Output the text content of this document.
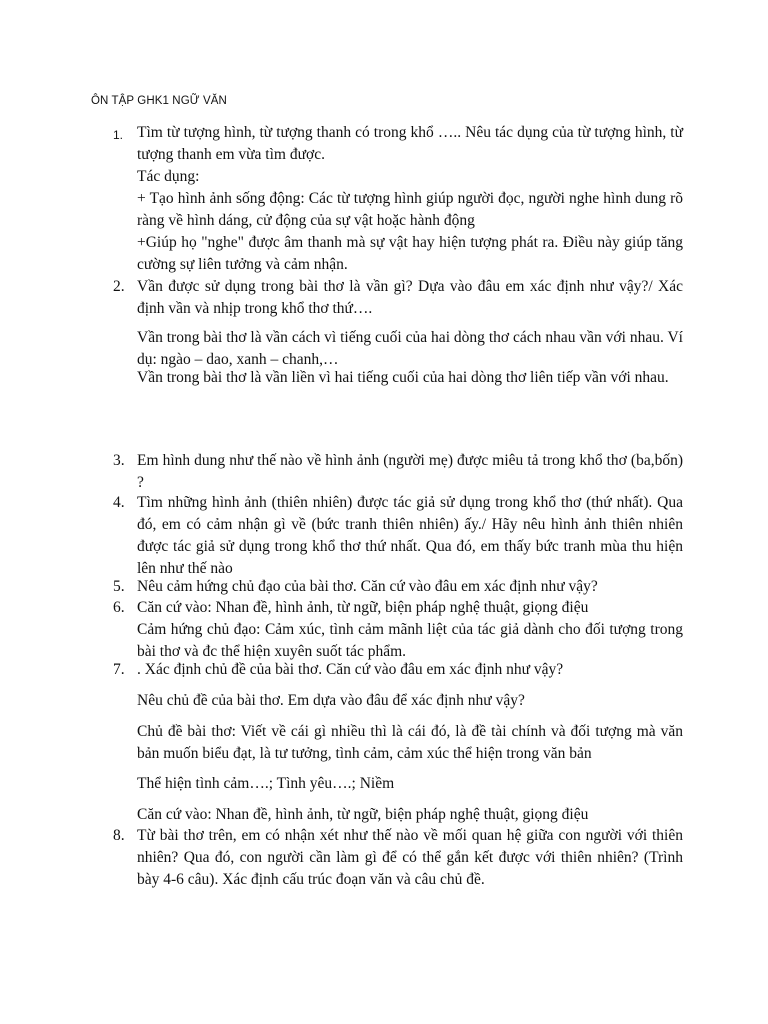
ÔN TẬP GHK1 NGỮ VĂN
1. Tìm từ tượng hình, từ tượng thanh có trong khổ ….. Nêu tác dụng của từ tượng hình, từ tượng thanh em vừa tìm được.
Tác dụng:
+ Tạo hình ảnh sống động: Các từ tượng hình giúp người đọc, người nghe hình dung rõ ràng về hình dáng, cử động của sự vật hoặc hành động
+Giúp họ "nghe" được âm thanh mà sự vật hay hiện tượng phát ra. Điều này giúp tăng cường sự liên tưởng và cảm nhận.
2. Vần được sử dụng trong bài thơ là vần gì? Dựa vào đâu em xác định như vậy?/ Xác định vần và nhịp trong khổ thơ thứ….
Vần trong bài thơ là vần cách vì tiếng cuối của hai dòng thơ cách nhau vần với nhau. Ví dụ: ngào – dao, xanh – chanh,…
Vần trong bài thơ là vần liền vì hai tiếng cuối của hai dòng thơ liên tiếp vần với nhau.
3. Em hình dung như thế nào về hình ảnh (người mẹ) được miêu tả trong khổ thơ (ba,bốn) ?
4. Tìm những hình ảnh (thiên nhiên) được tác giả sử dụng trong khổ thơ (thứ nhất). Qua đó, em có cảm nhận gì về (bức tranh thiên nhiên) ấy./ Hãy nêu hình ảnh thiên nhiên được tác giả sử dụng trong khổ thơ thứ nhất. Qua đó, em thấy bức tranh mùa thu hiện lên như thế nào
5. Nêu cảm hứng chủ đạo của bài thơ. Căn cứ vào đâu em xác định như vậy?
6. Căn cứ vào: Nhan đề, hình ảnh, từ ngữ, biện pháp nghệ thuật, giọng điệu
Cảm hứng chủ đạo: Cảm xúc, tình cảm mãnh liệt của tác giả dành cho đối tượng trong bài thơ và đc thể hiện xuyên suốt tác phẩm.
7. . Xác định chủ đề của bài thơ. Căn cứ vào đâu em xác định như vậy?
Nêu chủ đề của bài thơ. Em dựa vào đâu để xác định như vậy?
Chủ đề bài thơ: Viết về cái gì nhiều thì là cái đó, là đề tài chính và đối tượng mà văn bản muốn biểu đạt, là tư tưởng, tình cảm, cảm xúc thể hiện trong văn bản
Thể hiện tình cảm….; Tình yêu….; Niềm
Căn cứ vào: Nhan đề, hình ảnh, từ ngữ, biện pháp nghệ thuật, giọng điệu
8. Từ bài thơ trên, em có nhận xét như thế nào về mối quan hệ giữa con người với thiên nhiên? Qua đó, con người cần làm gì để có thể gắn kết được với thiên nhiên? (Trình bày 4-6 câu). Xác định cấu trúc đoạn văn và câu chủ đề.
